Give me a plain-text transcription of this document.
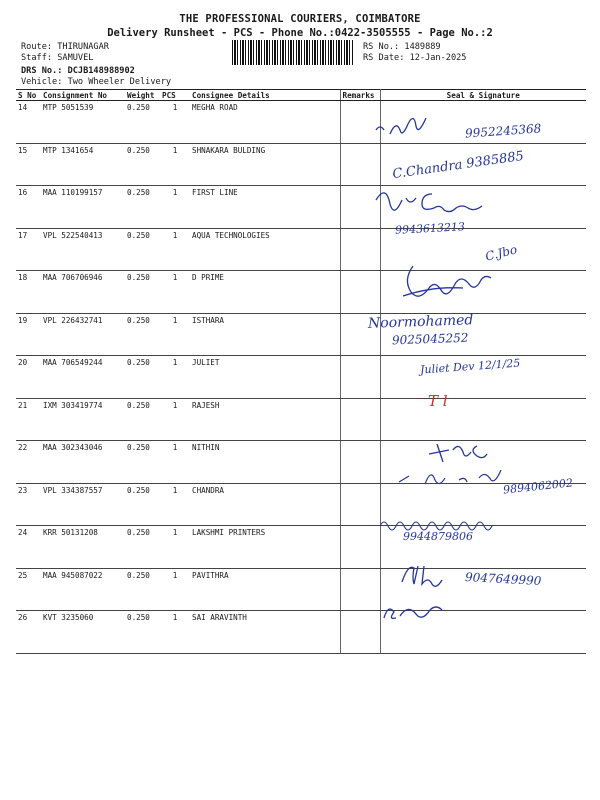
THE PROFESSIONAL COURIERS, COIMBATORE
Delivery Runsheet - PCS - Phone No.:0422-3505555 - Page No.:2
Route: THIRUNAGAR
Staff: SAMUVEL
DRS No.: DCJB148988902
Vehicle: Two Wheeler Delivery
RS No.: 1489889
RS Date: 12-Jan-2025
S No	Consignment No	Weight	PCS	Consignee Details	Remarks	Seal & Signature
14	MTP 5051539	0.250	1	MEGHA ROAD		
15	MTP 1341654	0.250	1	SHNAKARA BULDING		
16	MAA 110199157	0.250	1	FIRST LINE		
17	VPL 522540413	0.250	1	AQUA TECHNOLOGIES		
18	MAA 706706946	0.250	1	D PRIME		
19	VPL 226432741	0.250	1	ISTHARA		
20	MAA 706549244	0.250	1	JULIET		
21	IXM 303419774	0.250	1	RAJESH		
22	MAA 302343046	0.250	1	NITHIN		
23	VPL 334387557	0.250	1	CHANDRA		
24	KRR 50131208	0.250	1	LAKSHMI PRINTERS		
25	MAA 945087022	0.250	1	PAVITHRA		
26	KVT 3235060	0.250	1	SAI ARAVINTH		
9952245368
C.Chandra 9385885
9943613213
C.Jbo
Noormohamed
9025045252
Juliet Dev 12/1/25
T l
9894062002
9944879806
9047649990
